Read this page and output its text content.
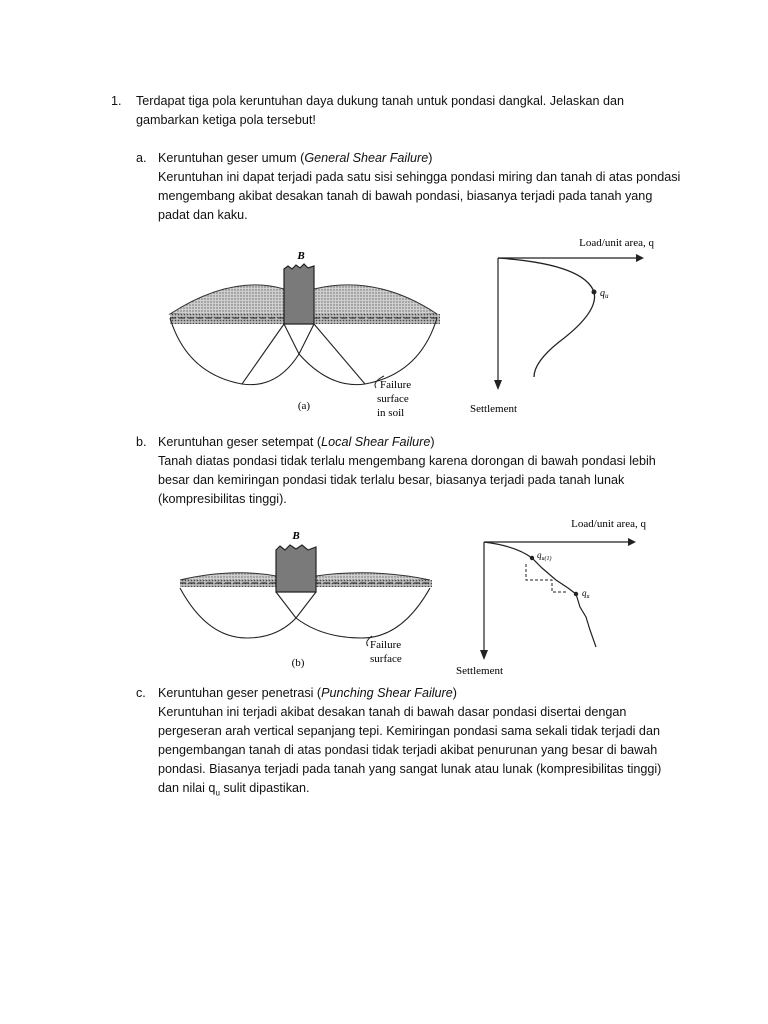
1. Terdapat tiga pola keruntuhan daya dukung tanah untuk pondasi dangkal. Jelaskan dan gambarkan ketiga pola tersebut!
a. Keruntuhan geser umum (General Shear Failure)
Keruntuhan ini dapat terjadi pada satu sisi sehingga pondasi miring dan tanah di atas pondasi mengembang akibat desakan tanah di bawah pondasi, biasanya terjadi pada tanah yang padat dan kaku.
B
(a)
Failure
surface
in soil
Load/unit area, q
Settlement
$q_u$
b. Keruntuhan geser setempat (Local Shear Failure)
Tanah diatas pondasi tidak terlalu mengembang karena dorongan di bawah pondasi lebih besar dan kemiringan pondasi tidak terlalu besar, biasanya terjadi pada tanah lunak (kompresibilitas tinggi).
B
(b)
Failure
surface
Load/unit area, q
Settlement
$q_{u(1)}$
$q_u$
c. Keruntuhan geser penetrasi (Punching Shear Failure)
Keruntuhan ini terjadi akibat desakan tanah di bawah dasar pondasi disertai dengan pergeseran arah vertical sepanjang tepi. Kemiringan pondasi sama sekali tidak terjadi dan pengembangan tanah di atas pondasi tidak terjadi akibat penurunan yang besar di bawah pondasi. Biasanya terjadi pada tanah yang sangat lunak atau lunak (kompresibilitas tinggi) dan nilai $q_u$ sulit dipastikan.
